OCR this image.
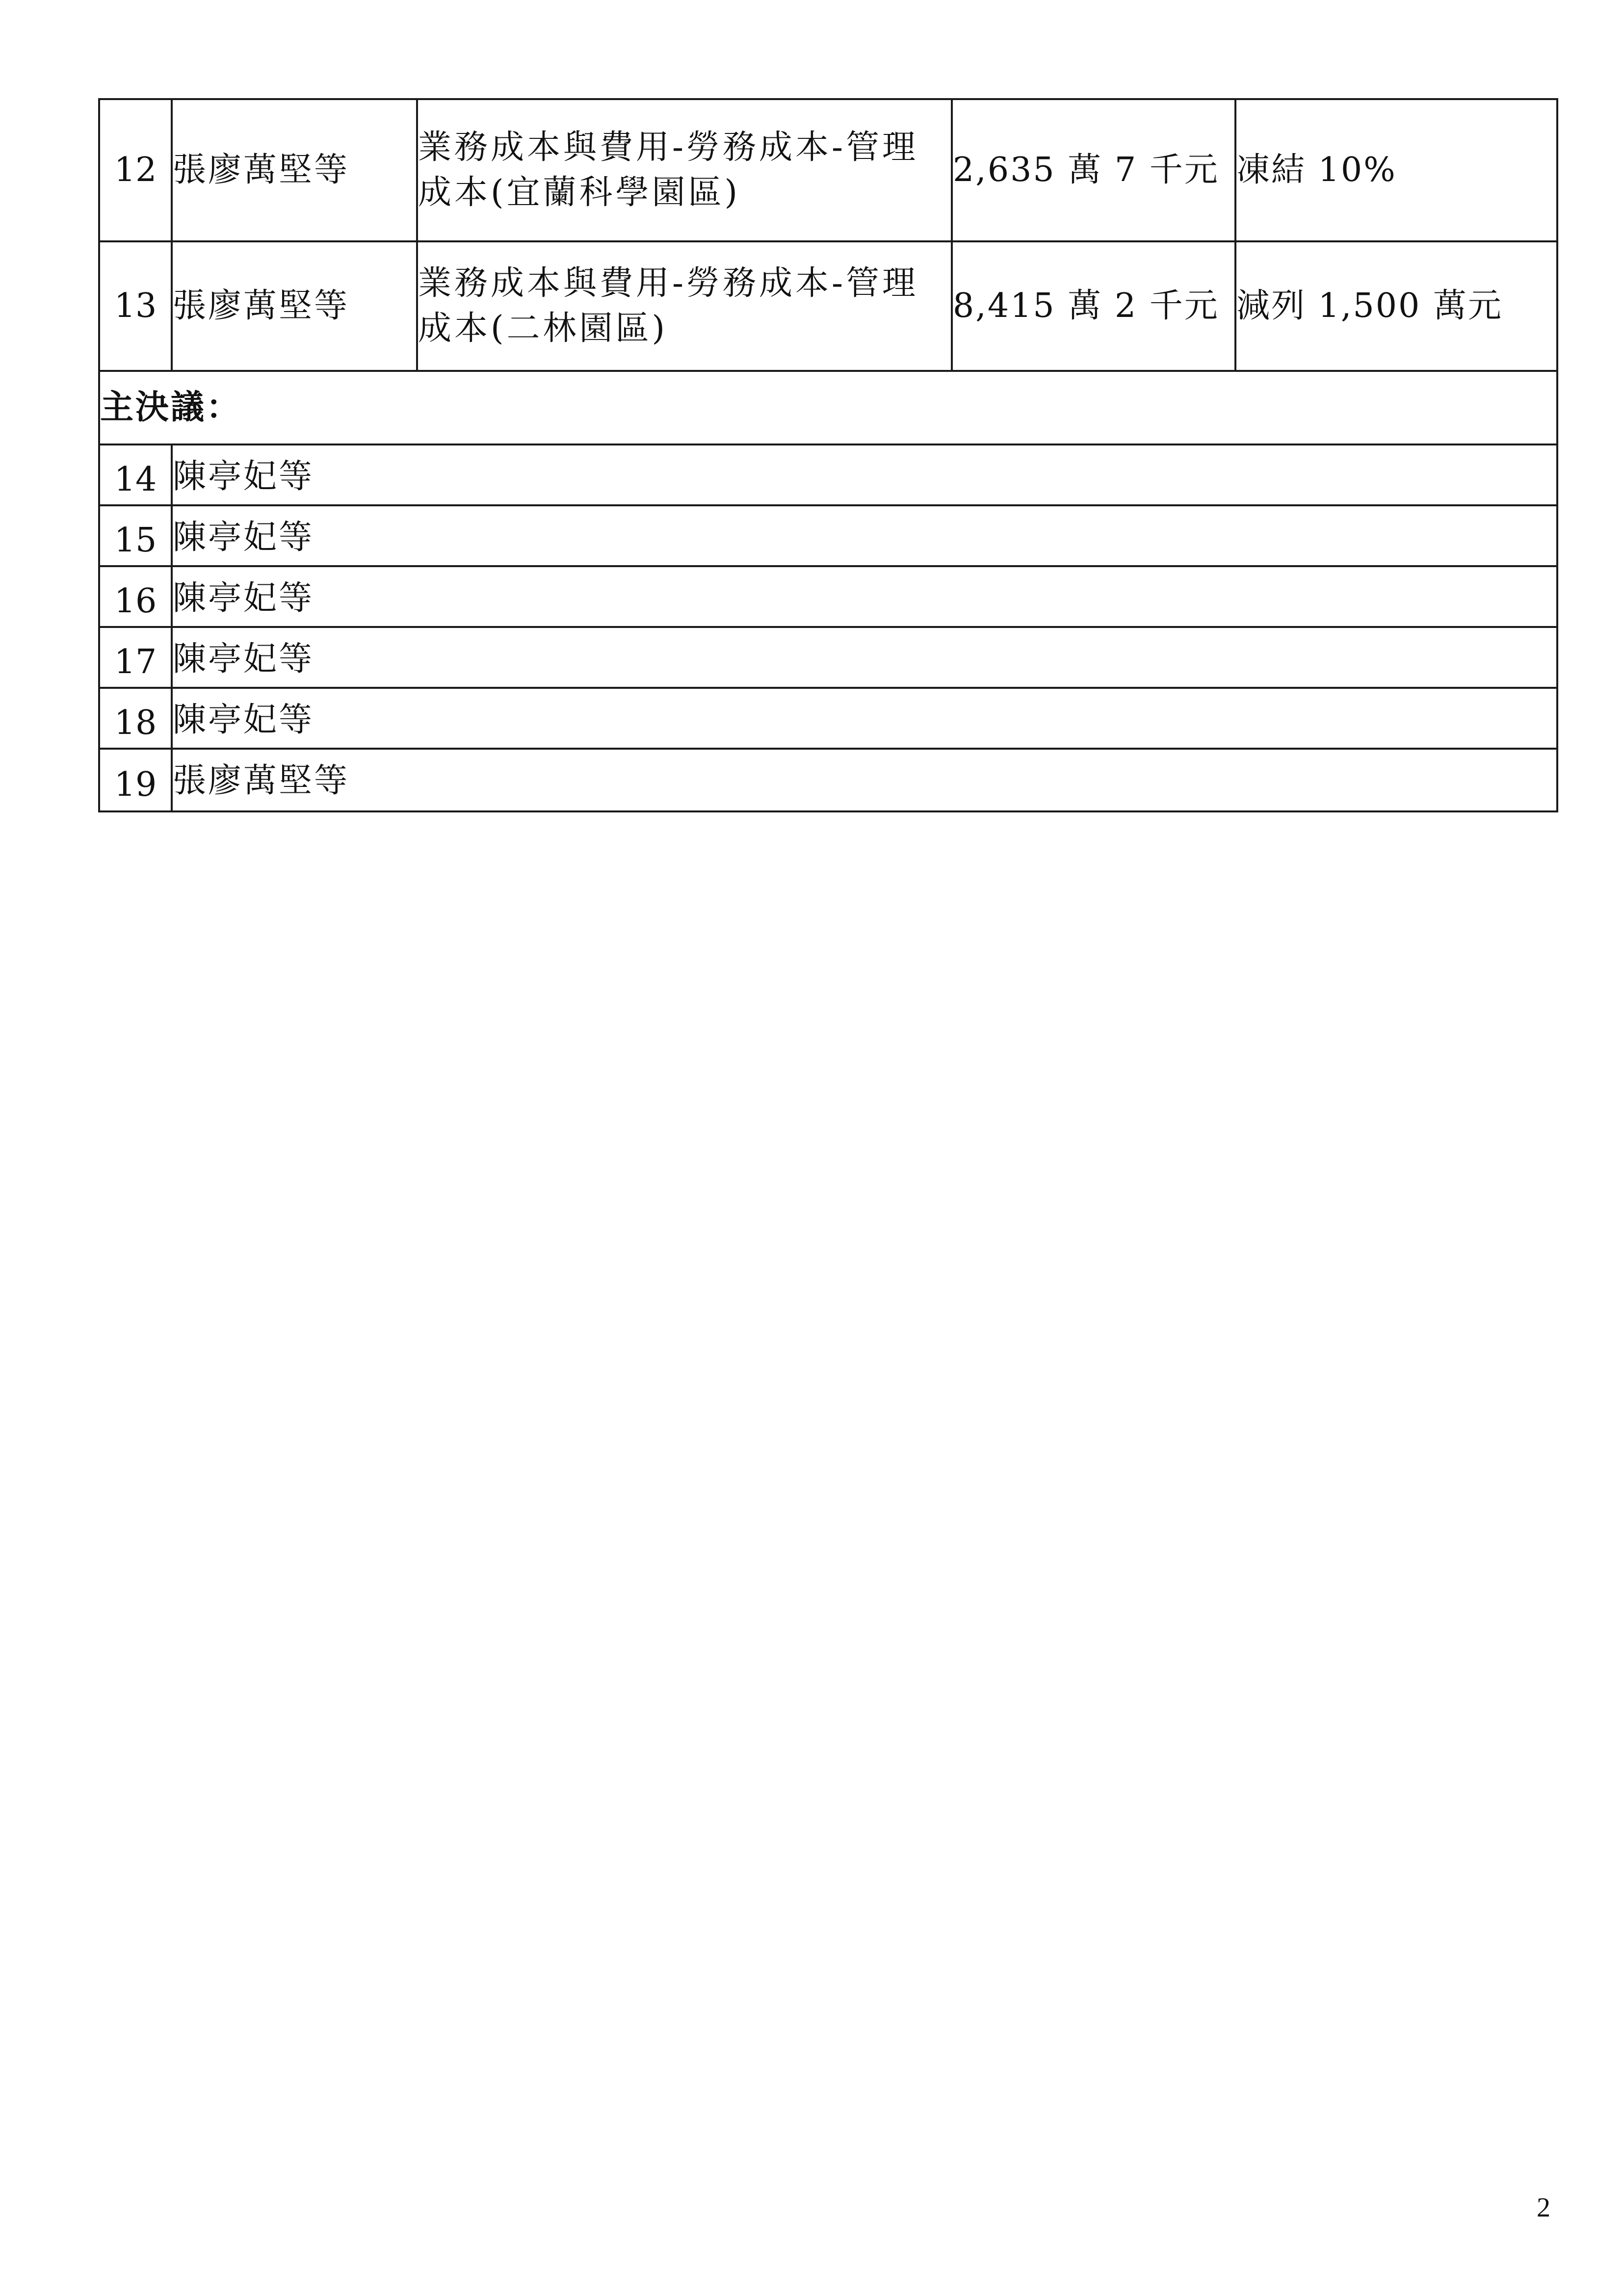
12	張廖萬堅等	業務成本與費用-勞務成本-管理成本(宜蘭科學園區)	2,635 萬 7 千元	凍結 10%
13	張廖萬堅等	業務成本與費用-勞務成本-管理成本(二林園區)	8,415 萬 2 千元	減列 1,500 萬元
主決議：				
14	陳亭妃等			
15	陳亭妃等			
16	陳亭妃等			
17	陳亭妃等			
18	陳亭妃等			
19	張廖萬堅等			
2
